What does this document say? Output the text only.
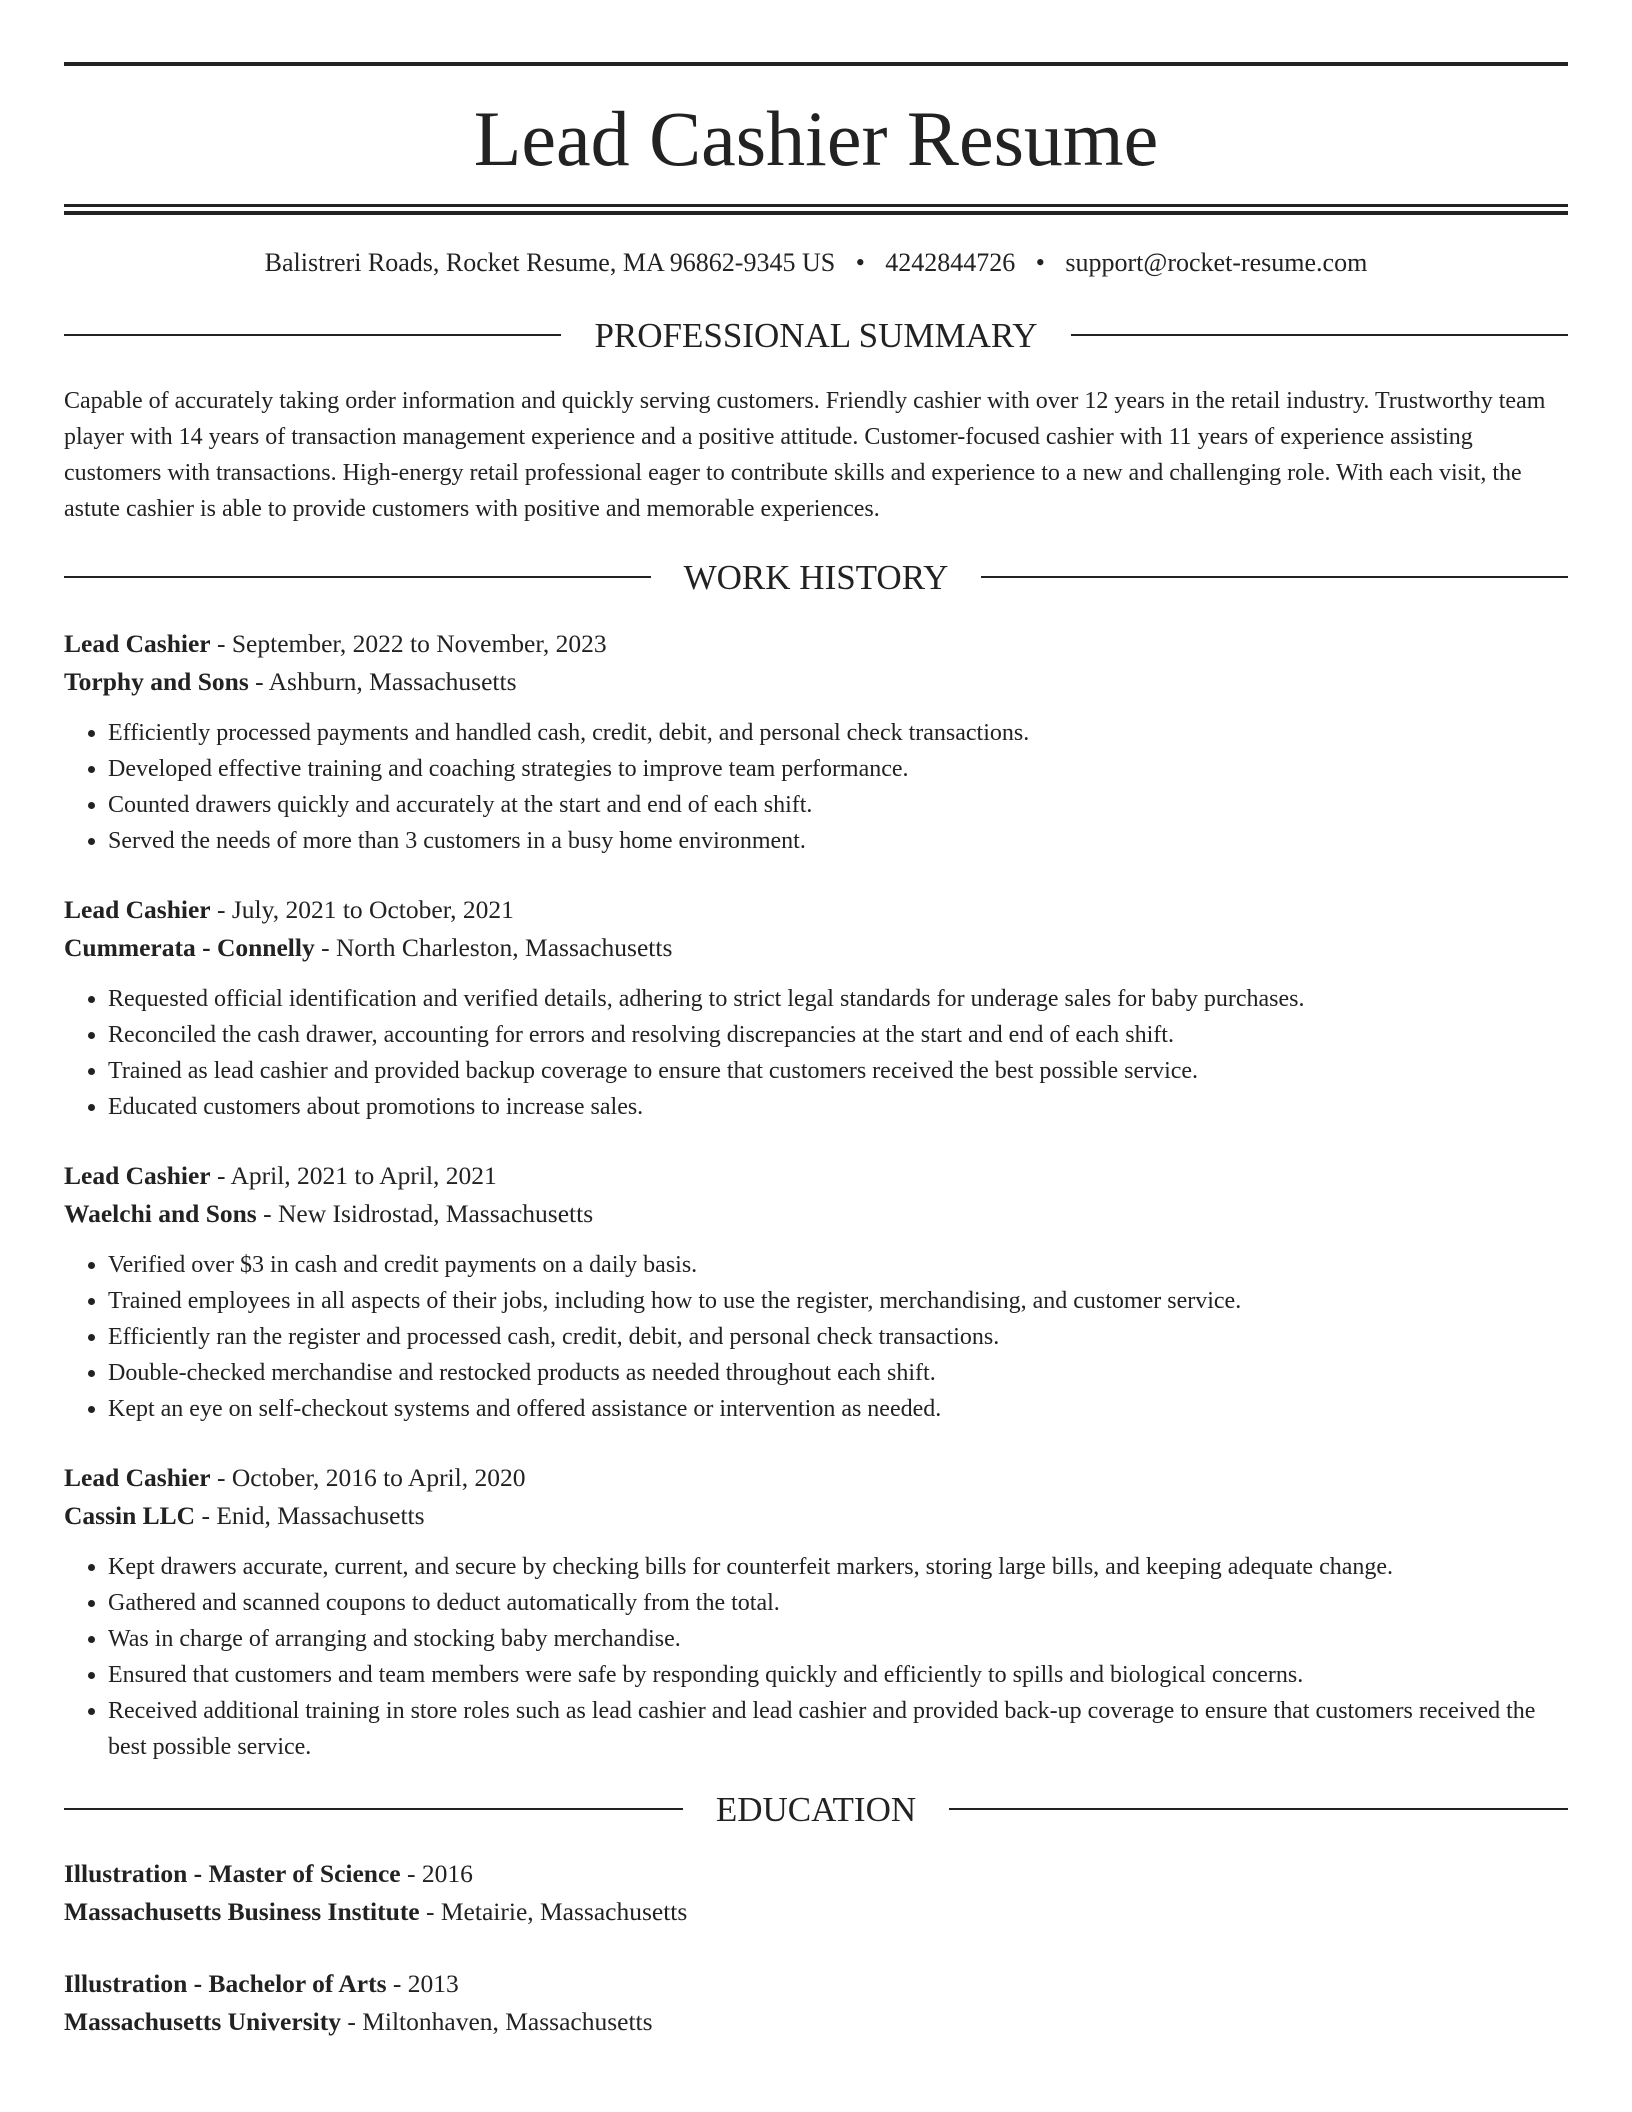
Lead Cashier Resume
Balistreri Roads, Rocket Resume, MA 96862-9345 US • 4242844726 • support@rocket-resume.com
PROFESSIONAL SUMMARY
Capable of accurately taking order information and quickly serving customers. Friendly cashier with over 12 years in the retail industry. Trustworthy team player with 14 years of transaction management experience and a positive attitude. Customer-focused cashier with 11 years of experience assisting customers with transactions. High-energy retail professional eager to contribute skills and experience to a new and challenging role. With each visit, the astute cashier is able to provide customers with positive and memorable experiences.
WORK HISTORY
Lead Cashier - September, 2022 to November, 2023
Torphy and Sons - Ashburn, Massachusetts
• Efficiently processed payments and handled cash, credit, debit, and personal check transactions.
• Developed effective training and coaching strategies to improve team performance.
• Counted drawers quickly and accurately at the start and end of each shift.
• Served the needs of more than 3 customers in a busy home environment.
Lead Cashier - July, 2021 to October, 2021
Cummerata - Connelly - North Charleston, Massachusetts
• Requested official identification and verified details, adhering to strict legal standards for underage sales for baby purchases.
• Reconciled the cash drawer, accounting for errors and resolving discrepancies at the start and end of each shift.
• Trained as lead cashier and provided backup coverage to ensure that customers received the best possible service.
• Educated customers about promotions to increase sales.
Lead Cashier - April, 2021 to April, 2021
Waelchi and Sons - New Isidrostad, Massachusetts
• Verified over $3 in cash and credit payments on a daily basis.
• Trained employees in all aspects of their jobs, including how to use the register, merchandising, and customer service.
• Efficiently ran the register and processed cash, credit, debit, and personal check transactions.
• Double-checked merchandise and restocked products as needed throughout each shift.
• Kept an eye on self-checkout systems and offered assistance or intervention as needed.
Lead Cashier - October, 2016 to April, 2020
Cassin LLC - Enid, Massachusetts
• Kept drawers accurate, current, and secure by checking bills for counterfeit markers, storing large bills, and keeping adequate change.
• Gathered and scanned coupons to deduct automatically from the total.
• Was in charge of arranging and stocking baby merchandise.
• Ensured that customers and team members were safe by responding quickly and efficiently to spills and biological concerns.
• Received additional training in store roles such as lead cashier and lead cashier and provided back-up coverage to ensure that customers received the best possible service.
EDUCATION
Illustration - Master of Science - 2016
Massachusetts Business Institute - Metairie, Massachusetts
Illustration - Bachelor of Arts - 2013
Massachusetts University - Miltonhaven, Massachusetts
